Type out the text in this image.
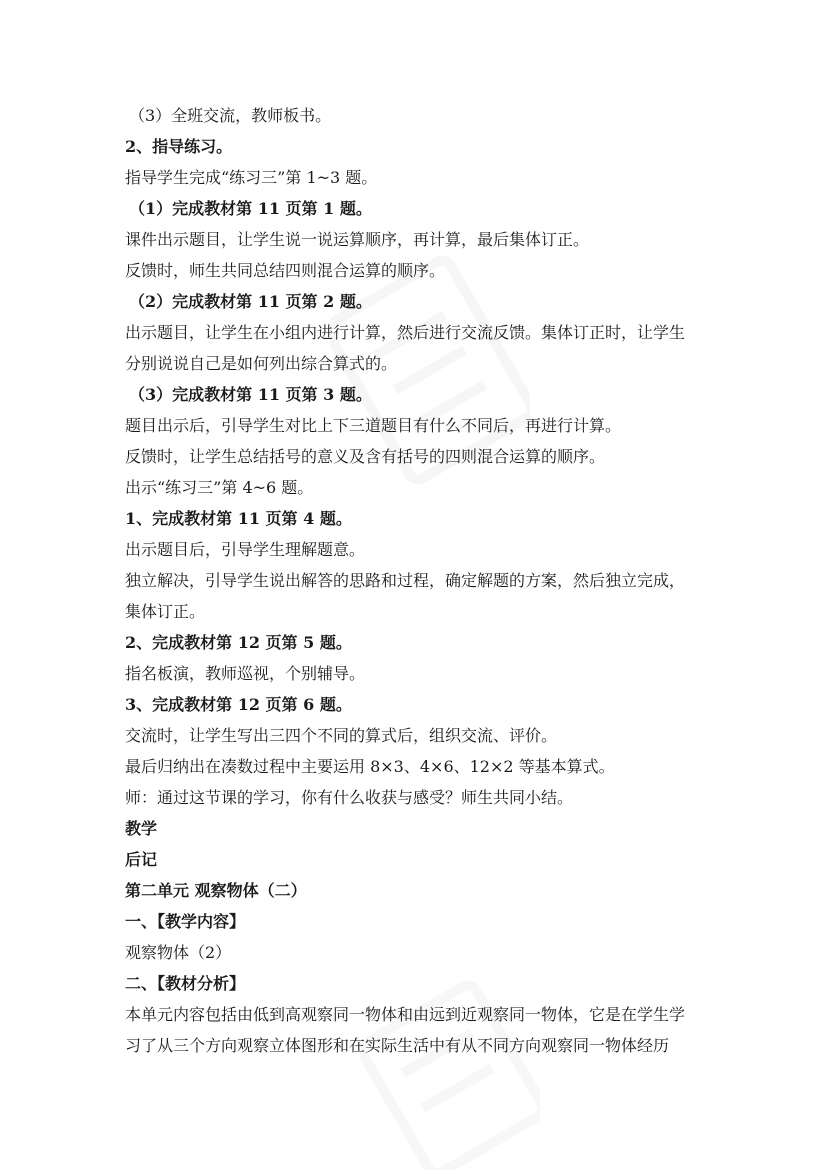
（3）全班交流，教师板书。
2、指导练习。
指导学生完成“练习三”第 1~3 题。
（1）完成教材第 11 页第 1 题。
课件出示题目，让学生说一说运算顺序，再计算，最后集体订正。
反馈时，师生共同总结四则混合运算的顺序。
（2）完成教材第 11 页第 2 题。
出示题目，让学生在小组内进行计算，然后进行交流反馈。集体订正时，让学生
分别说说自己是如何列出综合算式的。
（3）完成教材第 11 页第 3 题。
题目出示后，引导学生对比上下三道题目有什么不同后，再进行计算。
反馈时，让学生总结括号的意义及含有括号的四则混合运算的顺序。
出示“练习三”第 4~6 题。
1、完成教材第 11 页第 4 题。
出示题目后，引导学生理解题意。
独立解决，引导学生说出解答的思路和过程，确定解题的方案，然后独立完成，
集体订正。
2、完成教材第 12 页第 5 题。
指名板演，教师巡视，个别辅导。
3、完成教材第 12 页第 6 题。
交流时，让学生写出三四个不同的算式后，组织交流、评价。
最后归纳出在凑数过程中主要运用 8×3、4×6、12×2 等基本算式。
师：通过这节课的学习，你有什么收获与感受？师生共同小结。
教学
后记
第二单元 观察物体（二）
一、【教学内容】
观察物体（2）
二、【教材分析】
本单元内容包括由低到高观察同一物体和由远到近观察同一物体，它是在学生学
习了从三个方向观察立体图形和在实际生活中有从不同方向观察同一物体经历
